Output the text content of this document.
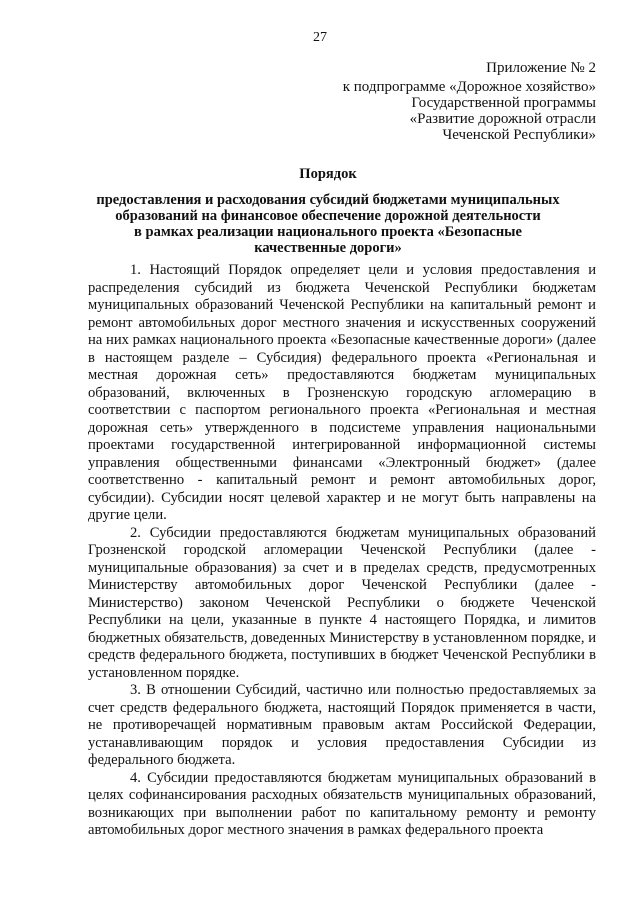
27
Приложение № 2
к подпрограмме «Дорожное хозяйство»
Государственной программы
«Развитие дорожной отрасли
Чеченской Республики»
Порядок
предоставления и расходования субсидий бюджетами муниципальных
образований на финансовое обеспечение дорожной деятельности
в рамках реализации национального проекта «Безопасные
качественные дороги»

1. Настоящий Порядок определяет цели и условия предоставления и распределения субсидий из бюджета Чеченской Республики бюджетам муниципальных образований Чеченской Республики на капитальный ремонт и ремонт автомобильных дорог местного значения и искусственных сооружений на них рамках национального проекта «Безопасные качественные дороги» (далее в настоящем разделе – Субсидия) федерального проекта «Региональная и местная дорожная сеть» предоставляются бюджетам муниципальных образований, включенных в Грозненскую городскую агломерацию в соответствии с паспортом регионального проекта «Региональная и местная дорожная сеть» утвержденного в подсистеме управления национальными проектами государственной интегрированной информационной системы управления общественными финансами «Электронный бюджет» (далее соответственно - капитальный ремонт и ремонт автомобильных дорог, субсидии). Субсидии носят целевой характер и не могут быть направлены на другие цели.

2. Субсидии предоставляются бюджетам муниципальных образований Грозненской городской агломерации Чеченской Республики (далее - муниципальные образования) за счет и в пределах средств, предусмотренных Министерству автомобильных дорог Чеченской Республики (далее - Министерство) законом Чеченской Республики о бюджете Чеченской Республики на цели, указанные в пункте 4 настоящего Порядка, и лимитов бюджетных обязательств, доведенных Министерству в установленном порядке, и средств федерального бюджета, поступивших в бюджет Чеченской Республики в установленном порядке.

3. В отношении Субсидий, частично или полностью предоставляемых за счет средств федерального бюджета, настоящий Порядок применяется в части, не противоречащей нормативным правовым актам Российской Федерации, устанавливающим порядок и условия предоставления Субсидии из федерального бюджета.

4. Субсидии предоставляются бюджетам муниципальных образований в целях софинансирования расходных обязательств муниципальных образований, возникающих при выполнении работ по капитальному ремонту и ремонту автомобильных дорог местного значения в рамках федерального проекта
